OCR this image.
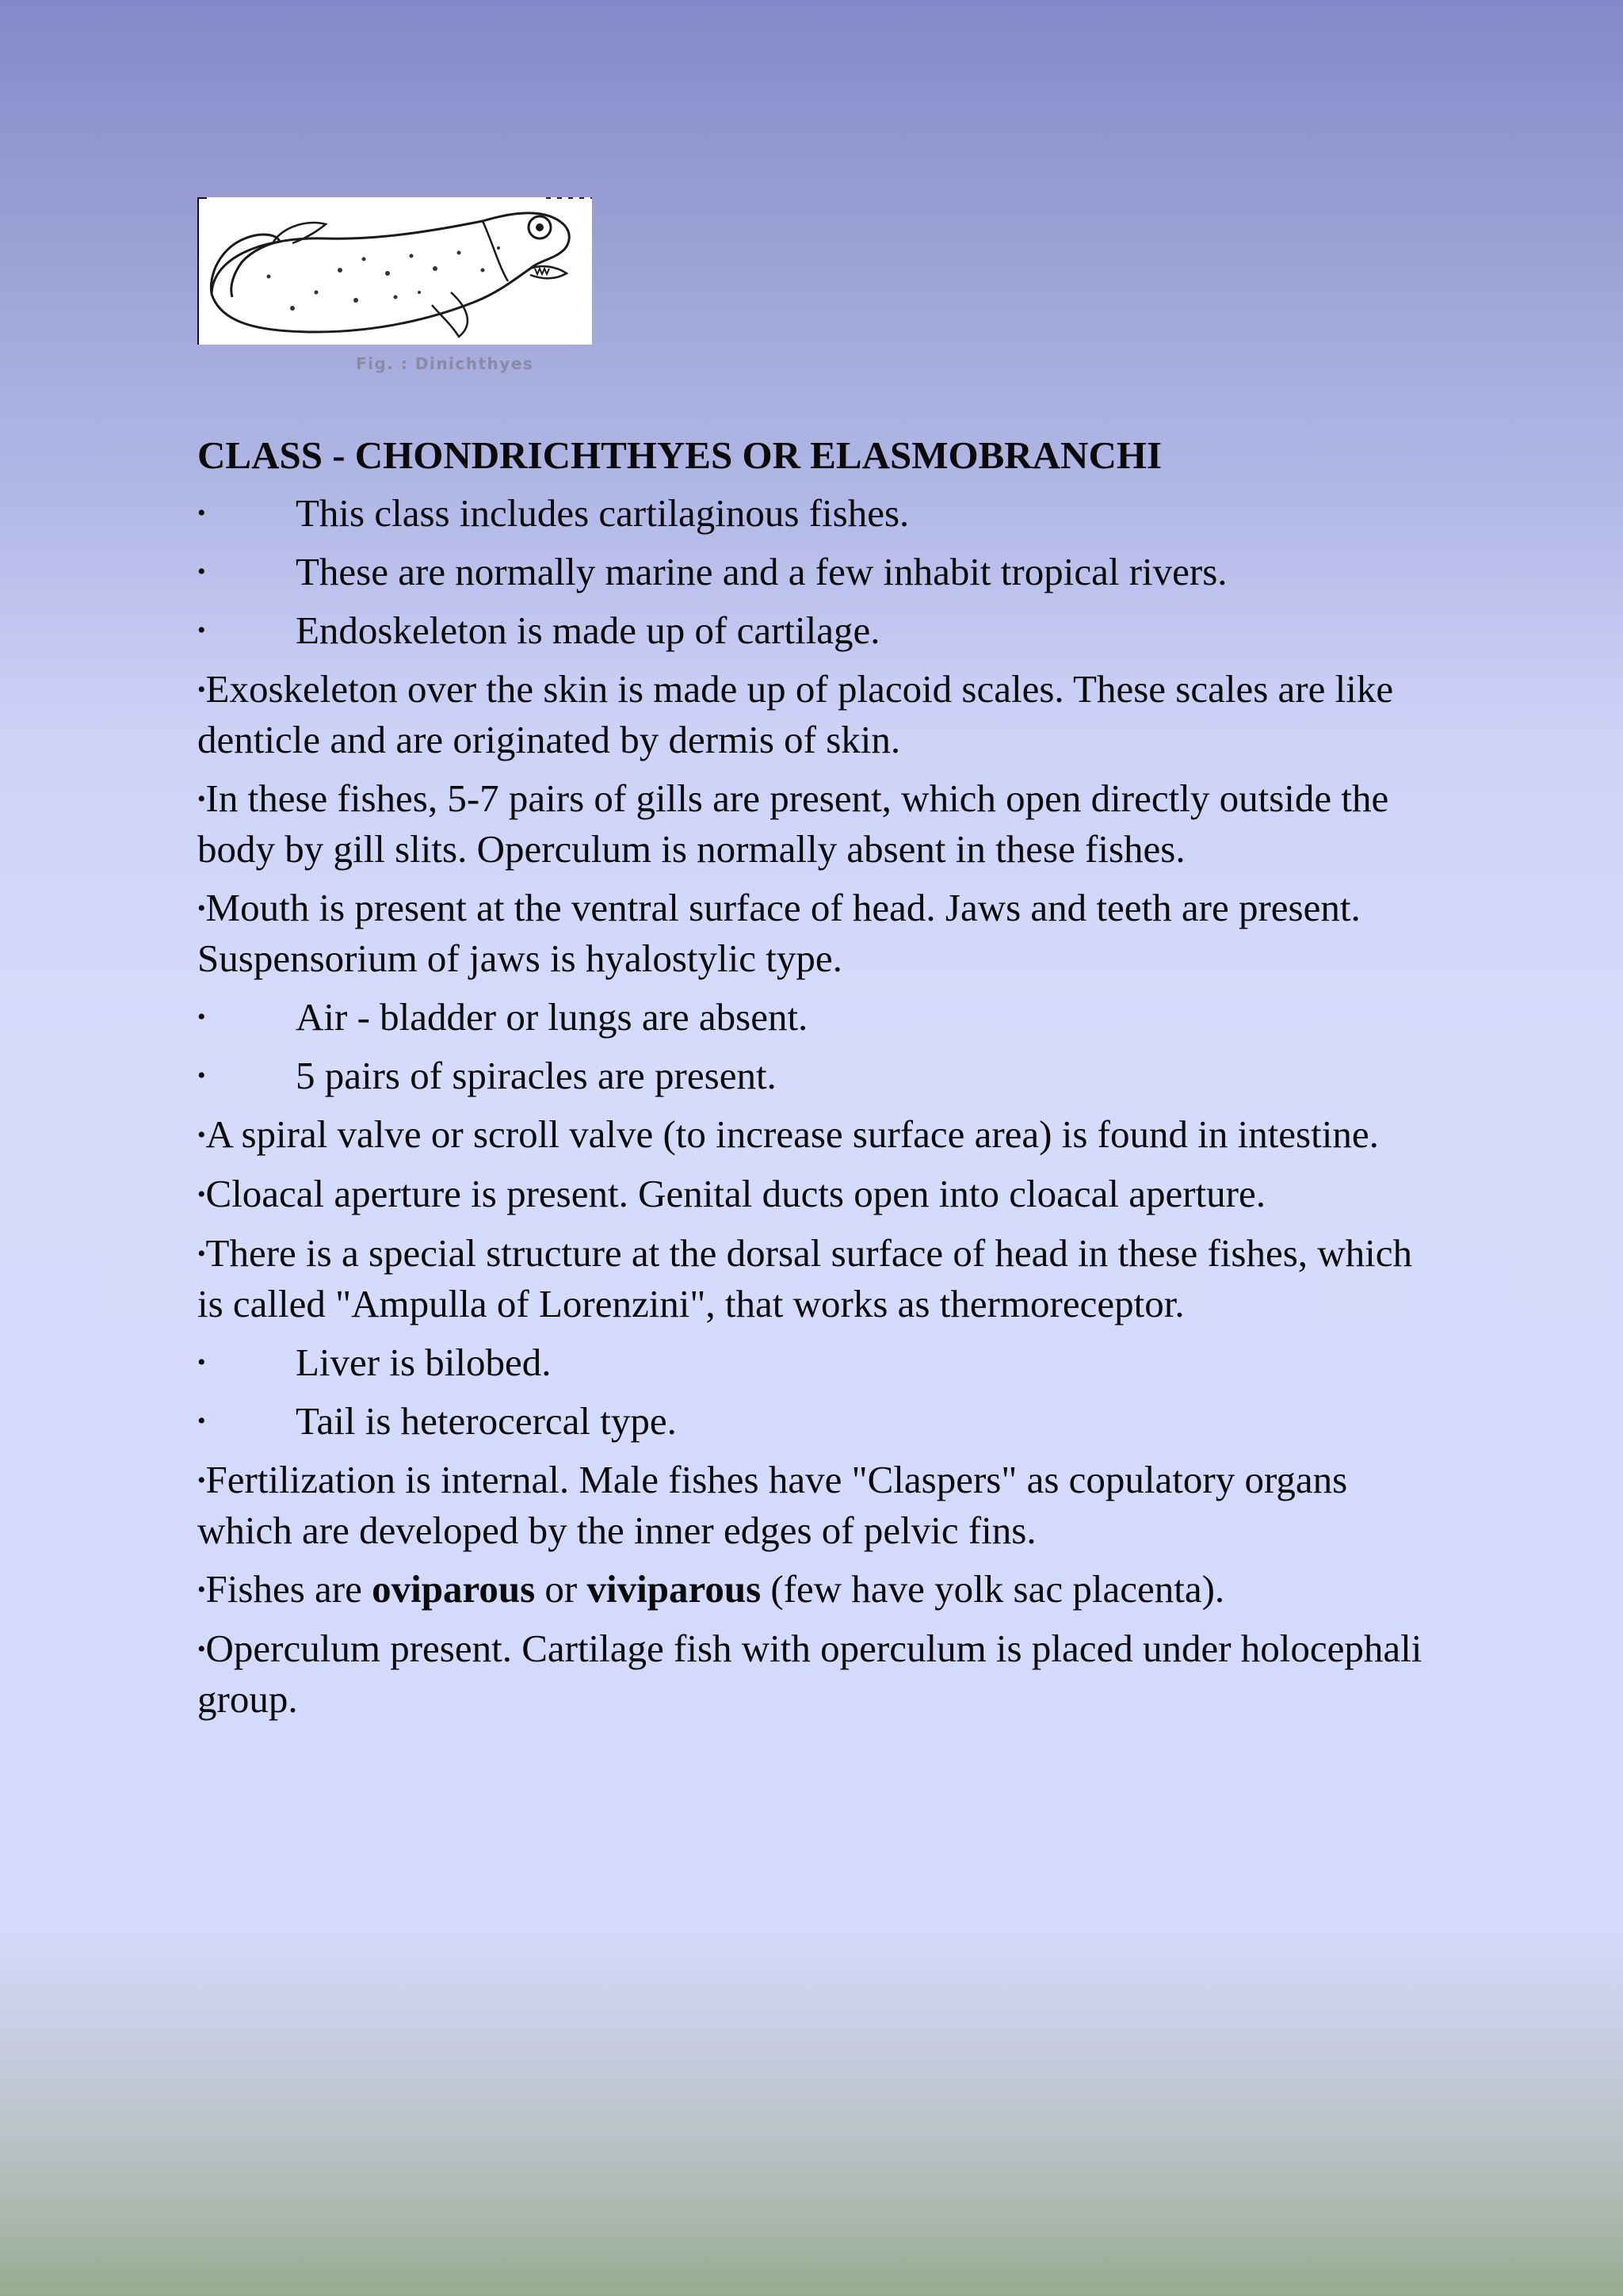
Fig. : Dinichthyes
CLASS - CHONDRICHTHYES OR ELASMOBRANCHI
• This class includes cartilaginous fishes.
• These are normally marine and a few inhabit tropical rivers.
• Endoskeleton is made up of cartilage.
•Exoskeleton over the skin is made up of placoid scales. These scales are like denticle and are originated by dermis of skin.
•In these fishes, 5-7 pairs of gills are present, which open directly outside the body by gill slits. Operculum is normally absent in these fishes.
•Mouth is present at the ventral surface of head. Jaws and teeth are present. Suspensorium of jaws is hyalostylic type.
• Air - bladder or lungs are absent.
• 5 pairs of spiracles are present.
•A spiral valve or scroll valve (to increase surface area) is found in intestine.
•Cloacal aperture is present. Genital ducts open into cloacal aperture.
•There is a special structure at the dorsal surface of head in these fishes, which is called "Ampulla of Lorenzini", that works as thermoreceptor.
• Liver is bilobed.
• Tail is heterocercal type.
•Fertilization is internal. Male fishes have "Claspers" as copulatory organs which are developed by the inner edges of pelvic fins.
•Fishes are oviparous or viviparous (few have yolk sac placenta).
•Operculum present. Cartilage fish with operculum is placed under holocephali group.
